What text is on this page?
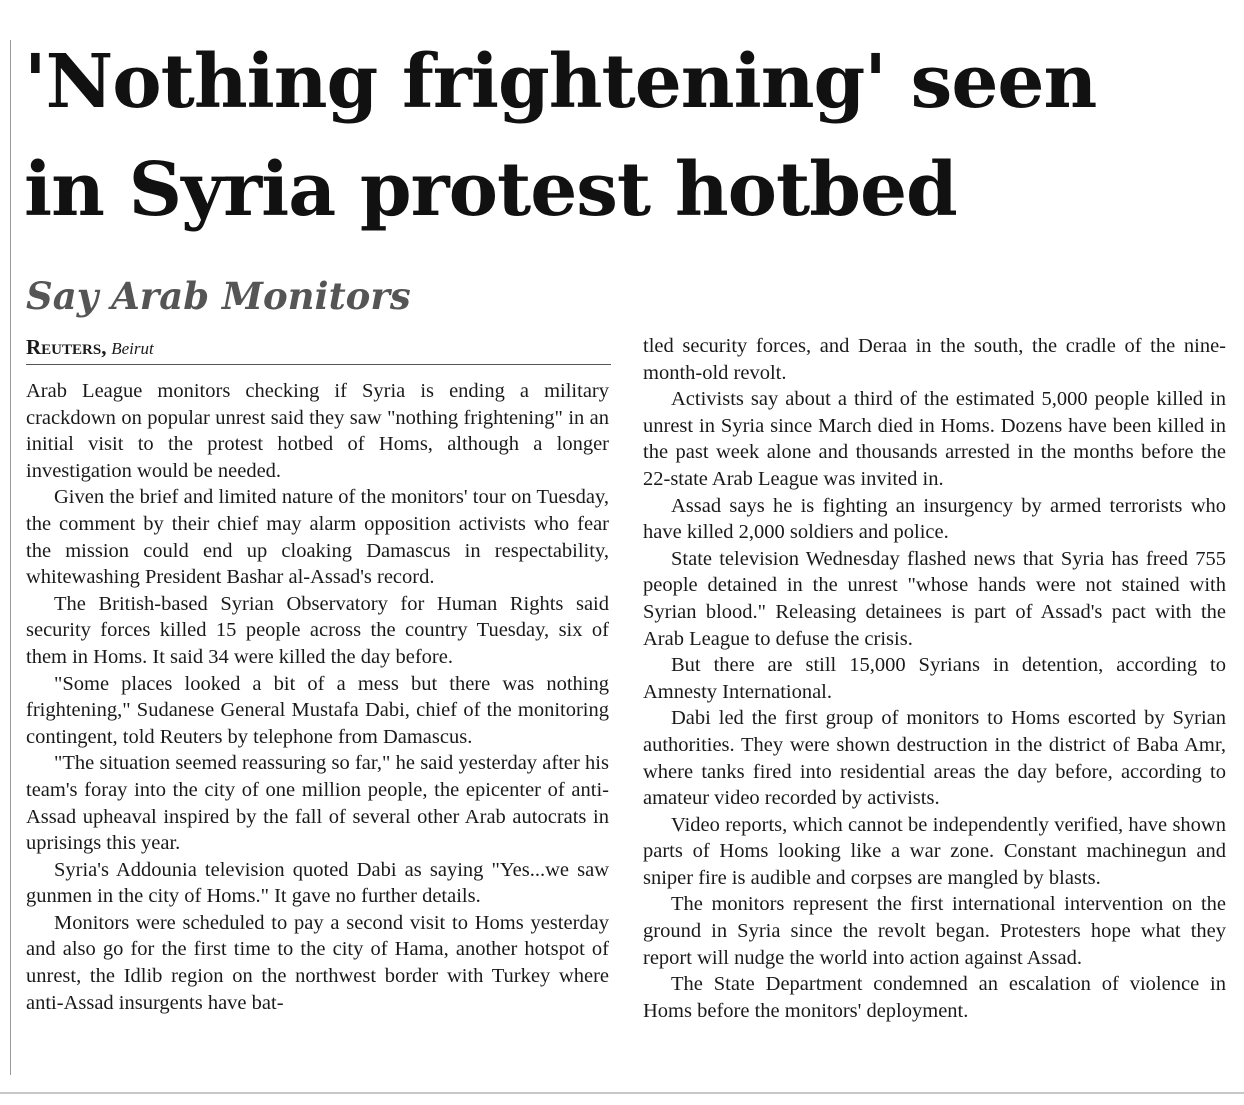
'Nothing frightening' seen
in Syria protest hotbed
Say Arab Monitors
Reuters, Beirut

Arab League monitors checking if Syria is ending a military crackdown on popular unrest said they saw "nothing frightening" in an initial visit to the protest hotbed of Homs, although a longer investigation would be needed.

Given the brief and limited nature of the monitors' tour on Tuesday, the comment by their chief may alarm opposition activists who fear the mission could end up cloaking Damascus in respectability, whitewashing President Bashar al-Assad's record.

The British-based Syrian Observatory for Human Rights said security forces killed 15 people across the country Tuesday, six of them in Homs. It said 34 were killed the day before.

"Some places looked a bit of a mess but there was nothing frightening," Sudanese General Mustafa Dabi, chief of the monitoring contingent, told Reuters by telephone from Damascus.

"The situation seemed reassuring so far," he said yesterday after his team's foray into the city of one million people, the epicenter of anti-Assad upheaval inspired by the fall of several other Arab autocrats in uprisings this year.

Syria's Addounia television quoted Dabi as saying "Yes...we saw gunmen in the city of Homs." It gave no further details.

Monitors were scheduled to pay a second visit to Homs yesterday and also go for the first time to the city of Hama, another hotspot of unrest, the Idlib region on the northwest border with Turkey where anti-Assad insurgents have bat-

tled security forces, and Deraa in the south, the cradle of the nine-month-old revolt.

Activists say about a third of the estimated 5,000 people killed in unrest in Syria since March died in Homs. Dozens have been killed in the past week alone and thousands arrested in the months before the 22-state Arab League was invited in.

Assad says he is fighting an insurgency by armed terrorists who have killed 2,000 soldiers and police.

State television Wednesday flashed news that Syria has freed 755 people detained in the unrest "whose hands were not stained with Syrian blood." Releasing detainees is part of Assad's pact with the Arab League to defuse the crisis.

But there are still 15,000 Syrians in detention, according to Amnesty International.

Dabi led the first group of monitors to Homs escorted by Syrian authorities. They were shown destruction in the district of Baba Amr, where tanks fired into residential areas the day before, according to amateur video recorded by activists.

Video reports, which cannot be independently verified, have shown parts of Homs looking like a war zone. Constant machinegun and sniper fire is audible and corpses are mangled by blasts.

The monitors represent the first international intervention on the ground in Syria since the revolt began. Protesters hope what they report will nudge the world into action against Assad.

The State Department condemned an escalation of violence in Homs before the monitors' deployment.
